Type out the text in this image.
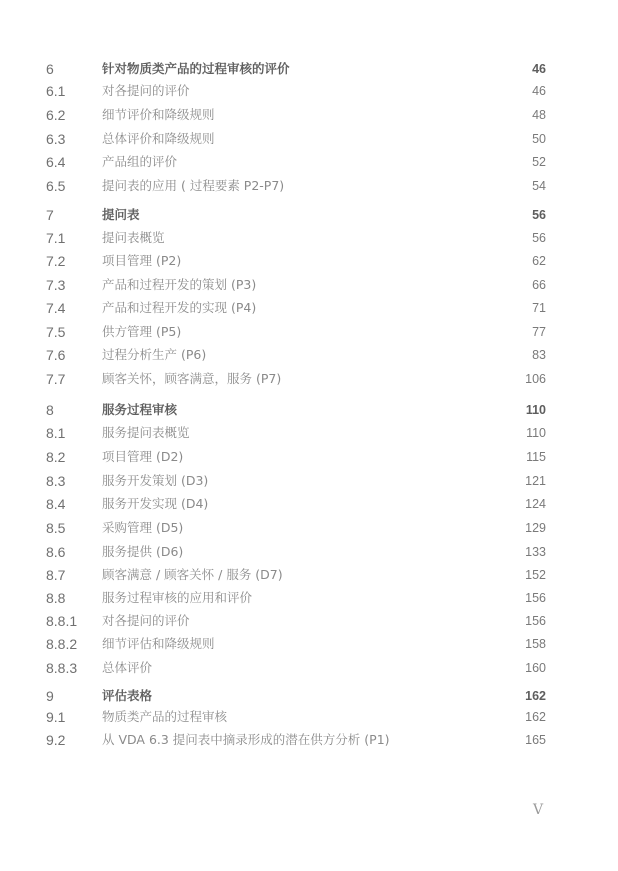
6	针对物质类产品的过程审核的评价	46
6.1	对各提问的评价	46
6.2	细节评价和降级规则	48
6.3	总体评价和降级规则	50
6.4	产品组的评价	52
6.5	提问表的应用 ( 过程要素 P2-P7)	54
7	提问表	56
7.1	提问表概览	56
7.2	项目管理 (P2)	62
7.3	产品和过程开发的策划 (P3)	66
7.4	产品和过程开发的实现 (P4)	71
7.5	供方管理 (P5)	77
7.6	过程分析生产 (P6)	83
7.7	顾客关怀，顾客满意，服务 (P7)	106
8	服务过程审核	110
8.1	服务提问表概览	110
8.2	项目管理 (D2)	115
8.3	服务开发策划 (D3)	121
8.4	服务开发实现 (D4)	124
8.5	采购管理 (D5)	129
8.6	服务提供 (D6)	133
8.7	顾客满意 / 顾客关怀 / 服务 (D7)	152
8.8	服务过程审核的应用和评价	156
8.8.1 对各提问的评价	156
8.8.2 细节评估和降级规则	158
8.8.3 总体评价	160
9	评估表格	162
9.1	物质类产品的过程审核	162
9.2	从 VDA 6.3 提问表中摘录形成的潜在供方分析 (P1)	165
V
